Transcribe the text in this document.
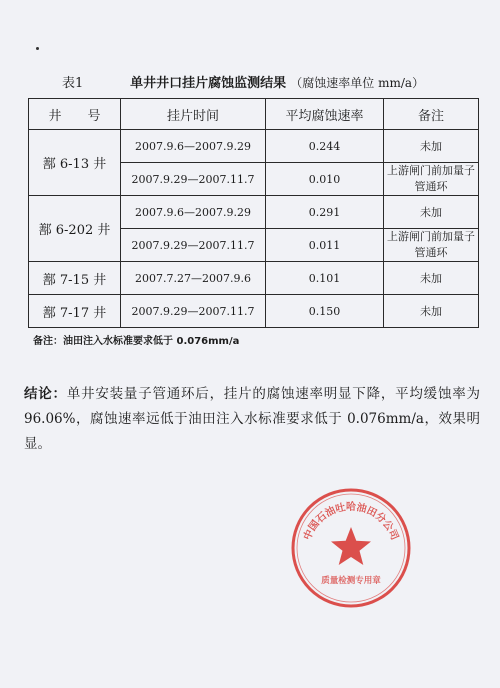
表1	单井井口挂片腐蚀监测结果 （腐蚀速率单位 mm/a）
井　　号	挂片时间	平均腐蚀速率	备注
鄯 6-13 井	2007.9.6—2007.9.29	0.244	未加
	2007.9.29—2007.11.7	0.010	上游闸门前加量子管通环
鄯 6-202 井	2007.9.6—2007.9.29	0.291	未加
	2007.9.29—2007.11.7	0.011	上游闸门前加量子管通环
鄯 7-15 井	2007.7.27—2007.9.6	0.101	未加
鄯 7-17 井	2007.9.29—2007.11.7	0.150	未加
备注：油田注入水标准要求低于 0.076mm/a
结论：单井安装量子管通环后，挂片的腐蚀速率明显下降，平均缓蚀率为 96.06%，腐蚀速率远低于油田注入水标准要求低于 0.076mm/a，效果明显。
中国石油吐哈油田分公司
质量检测专用章
